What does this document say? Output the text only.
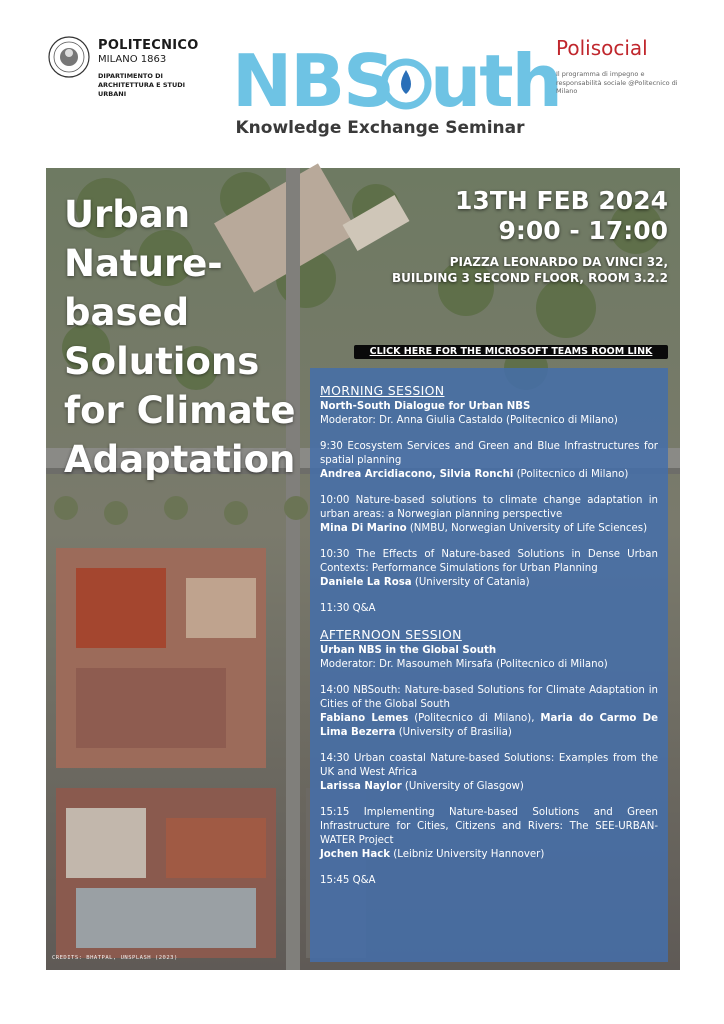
POLITECNICO
MILANO 1863
DIPARTIMENTO DI ARCHITETTURA E STUDI URBANI	NBS uth
Knowledge Exchange Seminar
Polisocial
Il programma di impegno e responsabilità sociale @Politecnico di Milano
Urban Nature-based Solutions for Climate Adaptation
13TH FEB 2024
9:00 - 17:00
PIAZZA LEONARDO DA VINCI 32,
BUILDING 3 SECOND FLOOR, ROOM 3.2.2
CLICK HERE FOR THE MICROSOFT TEAMS ROOM LINK
MORNING SESSION
North-South Dialogue for Urban NBS
Moderator: Dr. Anna Giulia Castaldo (Politecnico di Milano)
9:30 Ecosystem Services and Green and Blue Infrastructures for spatial planning
Andrea Arcidiacono, Silvia Ronchi (Politecnico di Milano)
10:00 Nature-based solutions to climate change adaptation in urban areas: a Norwegian planning perspective
Mina Di Marino (NMBU, Norwegian University of Life Sciences)
10:30 The Effects of Nature-based Solutions in Dense Urban Contexts: Performance Simulations for Urban Planning
Daniele La Rosa (University of Catania)
11:30 Q&A
AFTERNOON SESSION
Urban NBS in the Global South
Moderator: Dr. Masoumeh Mirsafa (Politecnico di Milano)
14:00 NBSouth: Nature-based Solutions for Climate Adaptation in Cities of the Global South
Fabiano Lemes (Politecnico di Milano), Maria do Carmo De Lima Bezerra (University of Brasilia)
14:30 Urban coastal Nature-based Solutions: Examples from the UK and West Africa
Larissa Naylor (University of Glasgow)
15:15 Implementing Nature-based Solutions and Green Infrastructure for Cities, Citizens and Rivers: The SEE-URBAN-WATER Project
Jochen Hack (Leibniz University Hannover)
15:45 Q&A
CREDITS: BHATPAL, UNSPLASH (2023)
